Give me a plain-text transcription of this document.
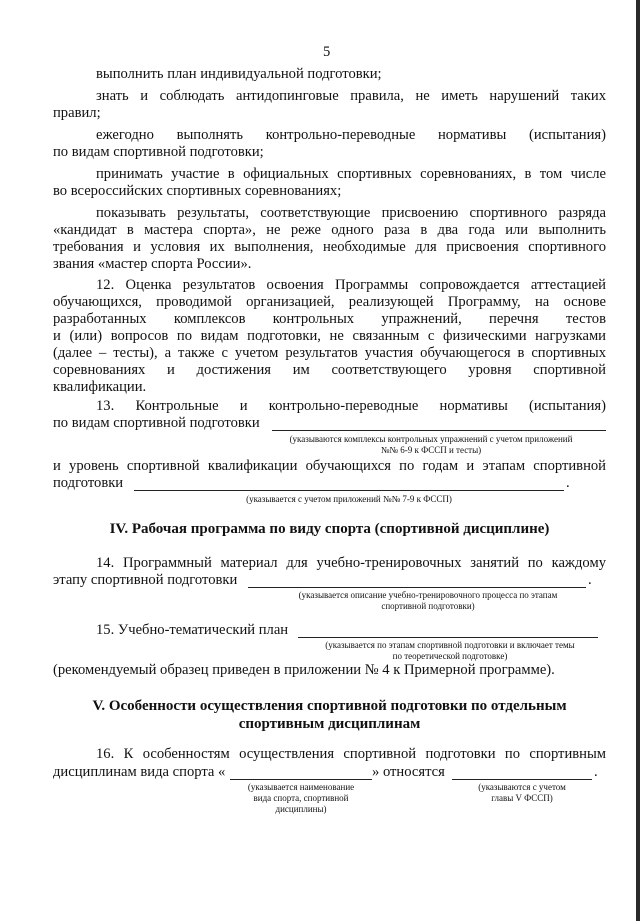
5
выполнить план индивидуальной подготовки;
знать и соблюдать антидопинговые правила, не иметь нарушений таких
правил;
ежегодно выполнять контрольно-переводные нормативы (испытания)
по видам спортивной подготовки;
принимать участие в официальных спортивных соревнованиях, в том числе
во всероссийских спортивных соревнованиях;
показывать результаты, соответствующие присвоению спортивного разряда
«кандидат в мастера спорта», не реже одного раза в два года или выполнить
требования и условия их выполнения, необходимые для присвоения спортивного
звания «мастер спорта России».
12. Оценка результатов освоения Программы сопровождается аттестацией
обучающихся, проводимой организацией, реализующей Программу, на основе
разработанных комплексов контрольных упражнений, перечня тестов
и (или) вопросов по видам подготовки, не связанным с физическими нагрузками
(далее – тесты), а также с учетом результатов участия обучающегося в спортивных
соревнованиях и достижения им соответствующего уровня спортивной
квалификации.
13. Контрольные и контрольно-переводные нормативы (испытания)
по видам спортивной подготовки
(указываются комплексы контрольных упражнений с учетом приложений
№№ 6-9 к ФССП и тесты)
и уровень спортивной квалификации обучающихся по годам и этапам спортивной
подготовки	.
(указывается с учетом приложений №№ 7-9 к ФССП)
IV. Рабочая программа по виду спорта (спортивной дисциплине)
14. Программный материал для учебно-тренировочных занятий по каждому
этапу спортивной подготовки	.
(указывается описание учебно-тренировочного процесса по этапам
спортивной подготовки)
15. Учебно-тематический план
(указывается по этапам спортивной подготовки и включает темы
по теоретической подготовке)
(рекомендуемый образец приведен в приложении № 4 к Примерной программе).
V. Особенности осуществления спортивной подготовки по отдельным
спортивным дисциплинам
16. К особенностям осуществления спортивной подготовки по спортивным
дисциплинам вида спорта «	» относятся	.
(указывается наименование
вида спорта, спортивной
дисциплины)
(указываются с учетом
главы V ФССП)
